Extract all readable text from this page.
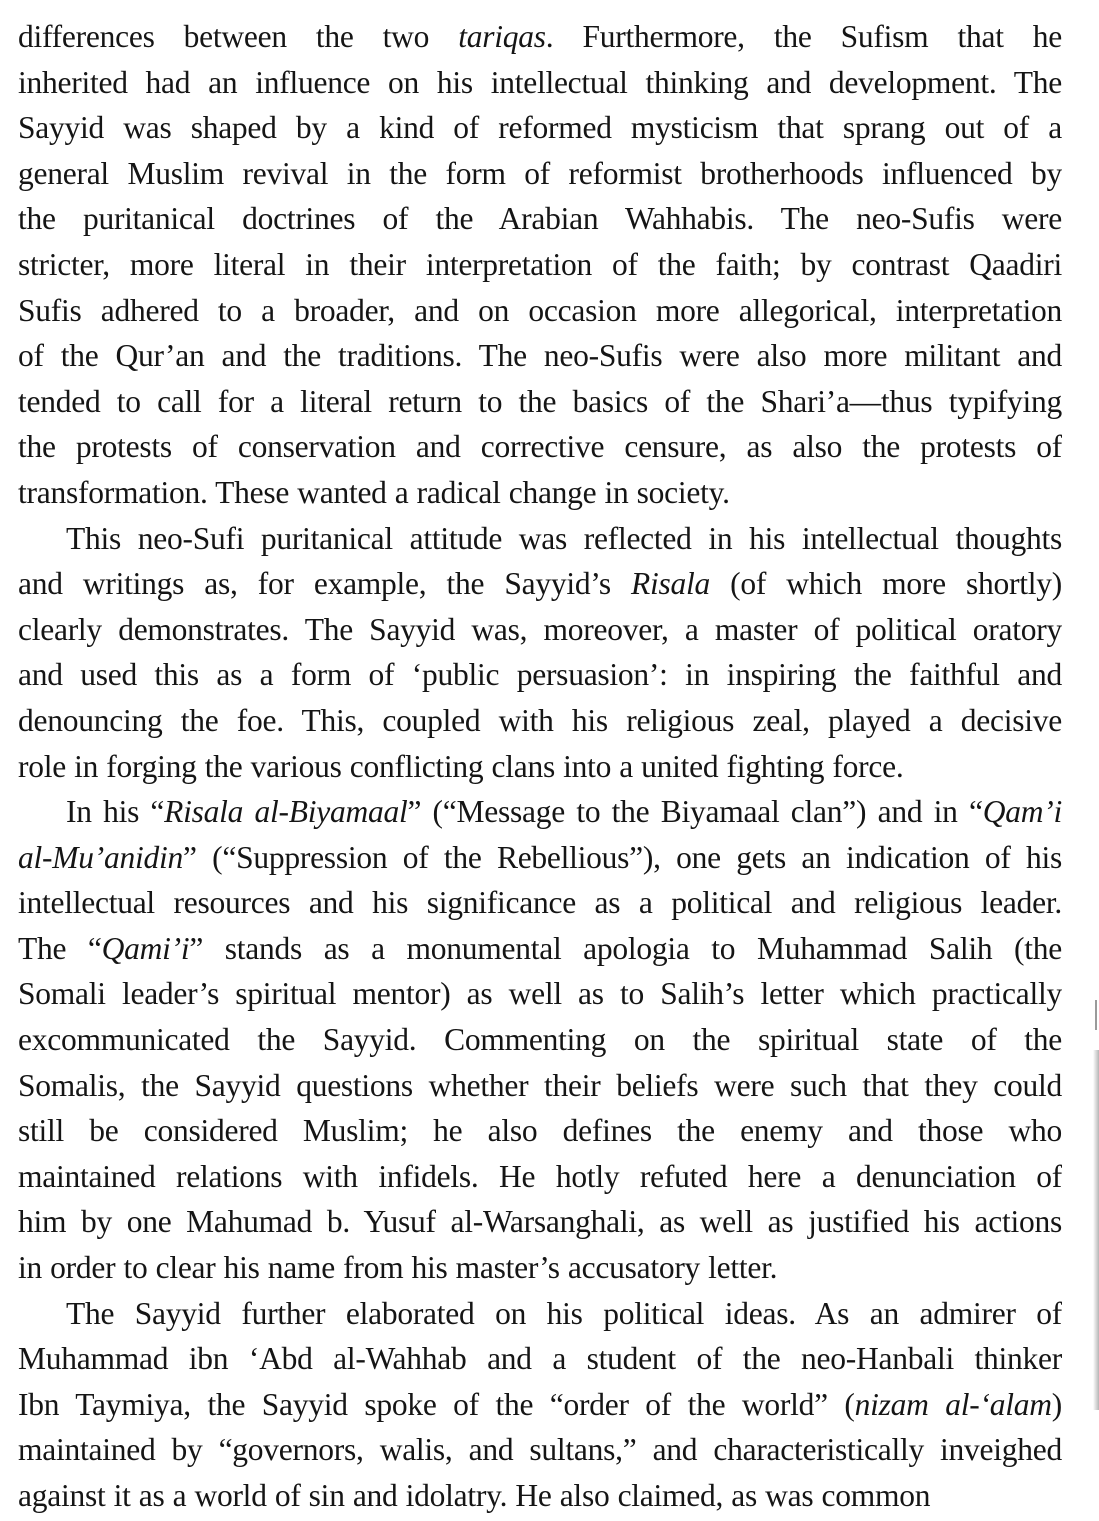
differences between the two tariqas. Furthermore, the Sufism that he
inherited had an influence on his intellectual thinking and development. The
Sayyid was shaped by a kind of reformed mysticism that sprang out of a
general Muslim revival in the form of reformist brotherhoods influenced by
the puritanical doctrines of the Arabian Wahhabis. The neo-Sufis were
stricter, more literal in their interpretation of the faith; by contrast Qaadiri
Sufis adhered to a broader, and on occasion more allegorical, interpretation
of the Qur’an and the traditions. The neo-Sufis were also more militant and
tended to call for a literal return to the basics of the Shari’a—thus typifying
the protests of conservation and corrective censure, as also the protests of
transformation. These wanted a radical change in society.
This neo-Sufi puritanical attitude was reflected in his intellectual thoughts
and writings as, for example, the Sayyid’s Risala (of which more shortly)
clearly demonstrates. The Sayyid was, moreover, a master of political oratory
and used this as a form of ‘public persuasion’: in inspiring the faithful and
denouncing the foe. This, coupled with his religious zeal, played a decisive
role in forging the various conflicting clans into a united fighting force.
In his “Risala al-Biyamaal” (“Message to the Biyamaal clan”) and in “Qam’i
al-Mu’anidin” (“Suppression of the Rebellious”), one gets an indication of his
intellectual resources and his significance as a political and religious leader.
The “Qami’i” stands as a monumental apologia to Muhammad Salih (the
Somali leader’s spiritual mentor) as well as to Salih’s letter which practically
excommunicated the Sayyid. Commenting on the spiritual state of the
Somalis, the Sayyid questions whether their beliefs were such that they could
still be considered Muslim; he also defines the enemy and those who
maintained relations with infidels. He hotly refuted here a denunciation of
him by one Mahumad b. Yusuf al-Warsanghali, as well as justified his actions
in order to clear his name from his master’s accusatory letter.
The Sayyid further elaborated on his political ideas. As an admirer of
Muhammad ibn ‘Abd al-Wahhab and a student of the neo-Hanbali thinker
Ibn Taymiya, the Sayyid spoke of the “order of the world” (nizam al-‘alam)
maintained by “governors, walis, and sultans,” and characteristically inveighed
against it as a world of sin and idolatry. He also claimed, as was common
